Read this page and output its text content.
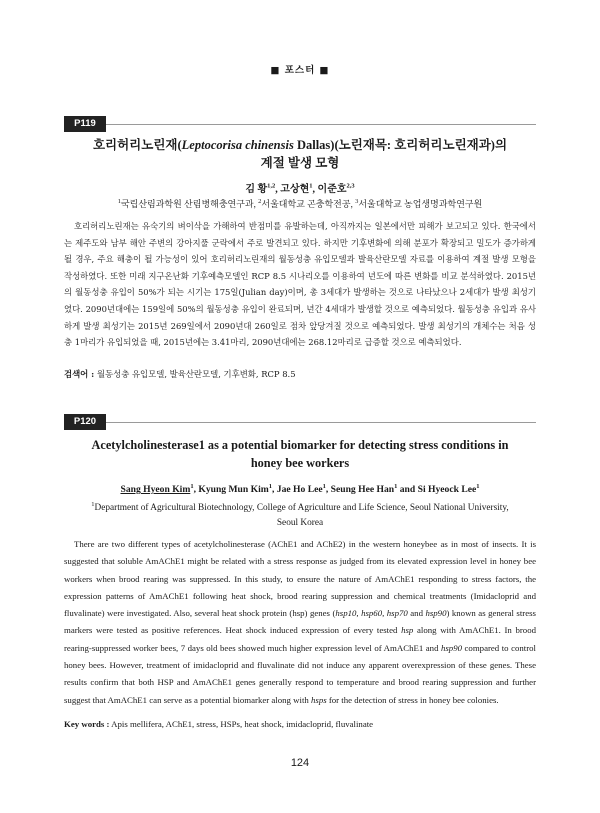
■ 포스터 ■
P119
호리허리노린재(Leptocorisa chinensis Dallas)(노린재목: 호리허리노린재과)의
계절 발생 모형
김 황$^{1,2}$, 고상현$^1$, 이준호$^{2,3}$
$^1$국립산림과학원 산림병해충연구과, $^2$서울대학교 곤충학전공, $^3$서울대학교 농업생명과학연구원
호리허리노린재는 유숙기의 벼이삭을 가해하여 반점미를 유발하는데, 아직까지는 일본에서만 피해가 보고되고 있다. 한국에서는 제주도와 남부 해안 주변의 강아지풀 군락에서 주로 발견되고 있다. 하지만 기후변화에 의해 분포가 확장되고 밀도가 증가하게 될 경우, 주요 해충이 될 가능성이 있어 호리허리노린재의 월동성충 유입모델과 발육산란모델 자료를 이용하여 계절 발생 모형을 작성하였다. 또한 미래 지구온난화 기후예측모델인 RCP 8.5 시나리오를 이용하여 년도에 따른 변화를 비교 분석하였다. 2015년의 월동성충 유입이 50%가 되는 시기는 175일(Julian day)이며, 총 3세대가 발생하는 것으로 나타났으나 2세대가 발생 최성기였다. 2090년대에는 159일에 50%의 월동성충 유입이 완료되며, 년간 4세대가 발생할 것으로 예측되었다. 월동성충 유입과 유사하게 발생 최성기는 2015년 269일에서 2090년대 260일로 점차 앞당겨질 것으로 예측되었다. 발생 최성기의 개체수는 처음 성충 1마리가 유입되었을 때, 2015년에는 3.41마리, 2090년대에는 268.12마리로 급증할 것으로 예측되었다.
검색어 : 월동성충 유입모델, 발육산란모델, 기후변화, RCP 8.5
P120
Acetylcholinesterase1 as a potential biomarker for detecting stress conditions in
honey bee workers
Sang Hyeon Kim$^1$, Kyung Mun Kim$^1$, Jae Ho Lee$^1$, Seung Hee Han$^1$ and Si Hyeock Lee$^1$
$^1$Department of Agricultural Biotechnology, College of Agriculture and Life Science, Seoul National University,
Seoul Korea
There are two different types of acetylcholinesterase (AChE1 and AChE2) in the western honeybee as in most of insects. It is suggested that soluble AmAChE1 might be related with a stress response as judged from its elevated expression level in honey bee workers when brood rearing was suppressed. In this study, to ensure the nature of AmAChE1 responding to stress factors, the expression patterns of AmAChE1 following heat shock, brood rearing suppression and chemical treatments (Imidacloprid and fluvalinate) were investigated. Also, several heat shock protein (hsp) genes (hsp10, hsp60, hsp70 and hsp90) known as general stress markers were tested as positive references. Heat shock induced expression of every tested hsp along with AmAChE1. In brood rearing-suppressed worker bees, 7 days old bees showed much higher expression level of AmAChE1 and hsp90 compared to control honey bees. However, treatment of imidacloprid and fluvalinate did not induce any apparent overexpression of these genes. These results confirm that both HSP and AmAChE1 genes generally respond to temperature and brood rearing suppression and further suggest that AmAChE1 can serve as a potential biomarker along with hsps for the detection of stress in honey bee colonies.
Key words : Apis mellifera, AChE1, stress, HSPs, heat shock, imidacloprid, fluvalinate
124
